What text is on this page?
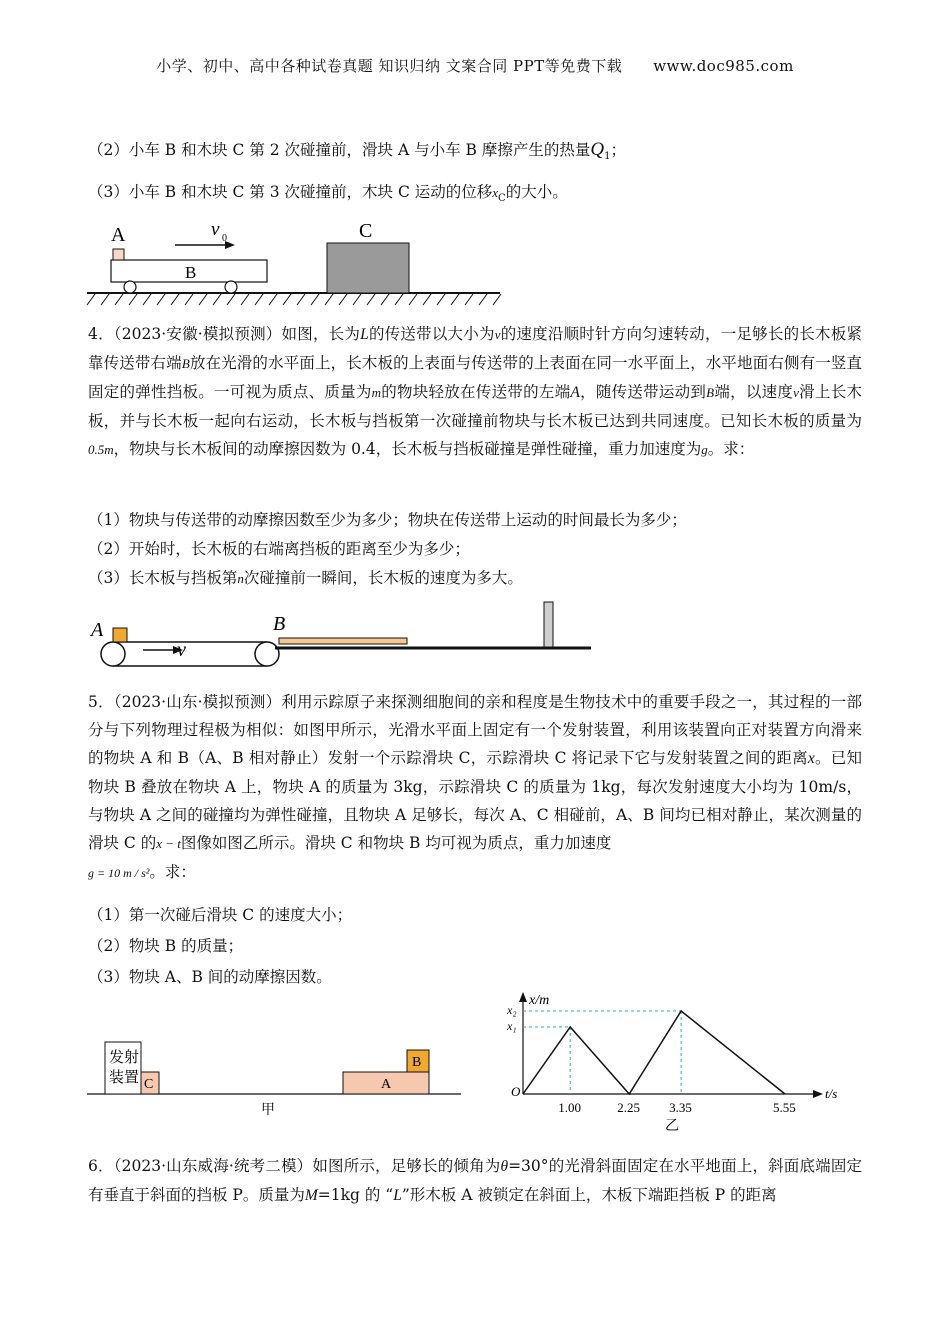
小学、初中、高中各种试卷真题 知识归纳 文案合同 PPT等免费下载　　www.doc985.com
（2）小车 B 和木块 C 第 2 次碰撞前，滑块 A 与小车 B 摩擦产生的热量$Q_1$；
（3）小车 B 和木块 C 第 3 次碰撞前，木块 C 运动的位移$x_C$的大小。
A
B
v 0	C
4．（2023·安徽·模拟预测）如图，长为L的传送带以大小为v的速度沿顺时针方向匀速转动，一足够长的长木板紧靠传送带右端B放在光滑的水平面上，长木板的上表面与传送带的上表面在同一水平面上，水平地面右侧有一竖直固定的弹性挡板。一可视为质点、质量为m的物块轻放在传送带的左端A，随传送带运动到B端，以速度v滑上长木板，并与长木板一起向右运动，长木板与挡板第一次碰撞前物块与长木板已达到共同速度。已知长木板的质量为0.5m，物块与长木板间的动摩擦因数为 0.4，长木板与挡板碰撞是弹性碰撞，重力加速度为g。求：
（1）物块与传送带的动摩擦因数至少为多少；物块在传送带上运动的时间最长为多少；
（2）开始时，长木板的右端离挡板的距离至少为多少；
（3）长木板与挡板第n次碰撞前一瞬间，长木板的速度为多大。
A
v
B
5．（2023·山东·模拟预测）利用示踪原子来探测细胞间的亲和程度是生物技术中的重要手段之一，其过程的一部分与下列物理过程极为相似：如图甲所示，光滑水平面上固定有一个发射装置，利用该装置向正对装置方向滑来的物块 A 和 B（A、B 相对静止）发射一个示踪滑块 C，示踪滑块 C 将记录下它与发射装置之间的距离x。已知物块 B 叠放在物块 A 上，物块 A 的质量为 3kg，示踪滑块 C 的质量为 1kg，每次发射速度大小均为 10m/s，与物块 A 之间的碰撞均为弹性碰撞，且物块 A 足够长，每次 A、C 相碰前，A、B 间均已相对静止，某次测量的滑块 C 的x − t图像如图乙所示。滑块 C 和物块 B 均可视为质点，重力加速度
g = 10 m / s²。求：
（1）第一次碰后滑块 C 的速度大小；
（2）物块 B 的质量；
（3）物块 A、B 间的动摩擦因数。
发射
装置 C	A
B
甲
x/m
t/s
O
x₂
x₁
1.00	2.25 3.35	5.55
乙
6．（2023·山东威海·统考二模）如图所示，足够长的倾角为θ=30°的光滑斜面固定在水平地面上，斜面底端固定有垂直于斜面的挡板 P。质量为M=1kg 的 “L”形木板 A 被锁定在斜面上，木板下端距挡板 P 的距离
